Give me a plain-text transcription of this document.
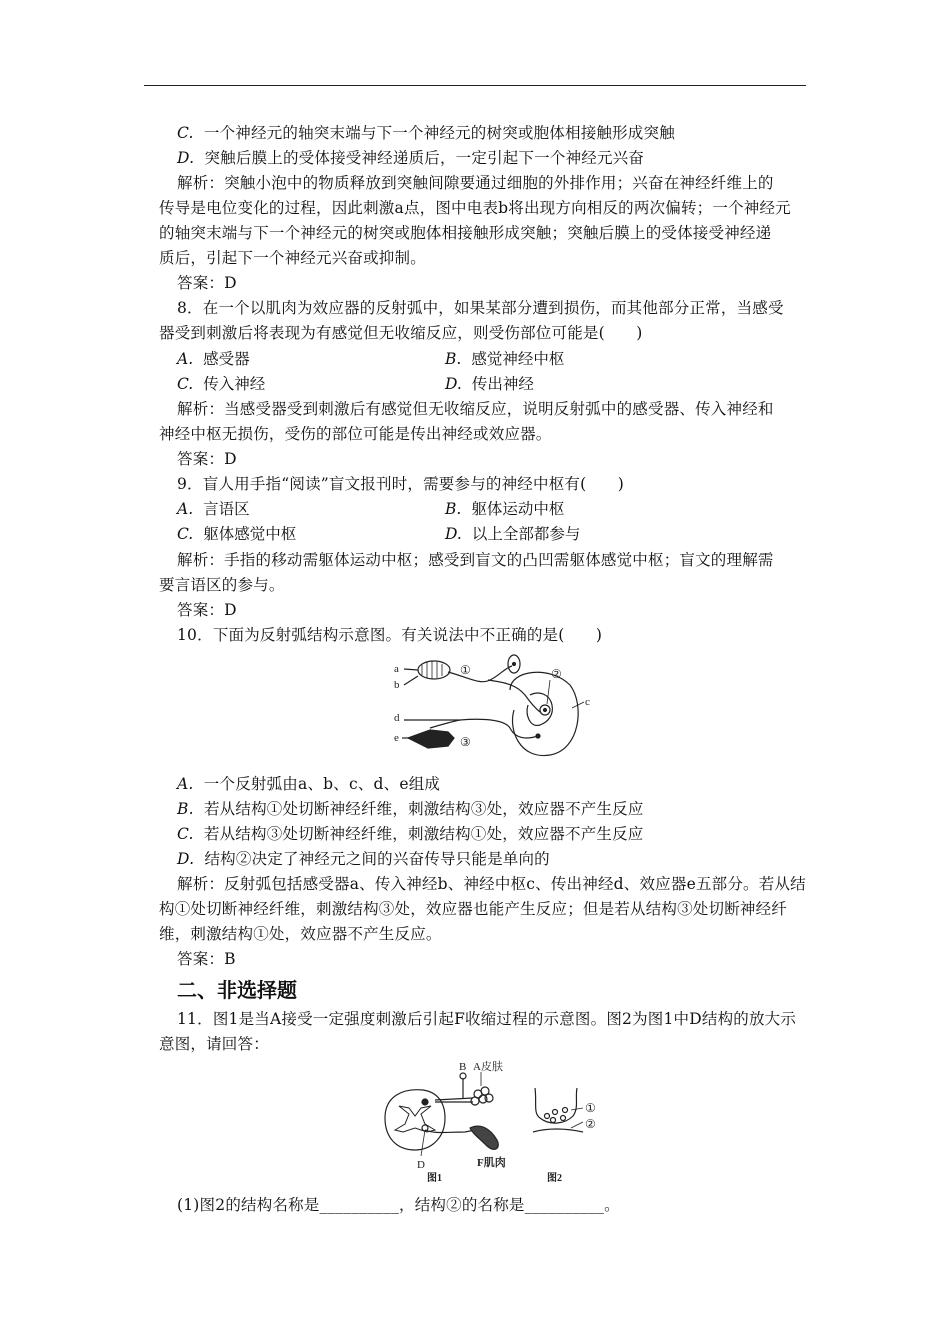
C. 一个神经元的轴突末端与下一个神经元的树突或胞体相接触形成突触
D. 突触后膜上的受体接受神经递质后，一定引起下一个神经元兴奋
解析：突触小泡中的物质释放到突触间隙要通过细胞的外排作用；兴奋在神经纤维上的
传导是电位变化的过程，因此刺激a点，图中电表b将出现方向相反的两次偏转；一个神经元
的轴突末端与下一个神经元的树突或胞体相接触形成突触；突触后膜上的受体接受神经递
质后，引起下一个神经元兴奋或抑制。
答案：D
8．在一个以肌肉为效应器的反射弧中，如果某部分遭到损伤，而其他部分正常，当感受
器受到刺激后将表现为有感觉但无收缩反应，则受伤部位可能是(　　)
A. 感受器	B. 感觉神经中枢
C. 传入神经	D. 传出神经
解析：当感受器受到刺激后有感觉但无收缩反应，说明反射弧中的感受器、传入神经和
神经中枢无损伤，受伤的部位可能是传出神经或效应器。
答案：D
9．盲人用手指“阅读”盲文报刊时，需要参与的神经中枢有(　　)
A. 言语区	B. 躯体运动中枢
C. 躯体感觉中枢	D. 以上全部都参与
解析：手指的移动需躯体运动中枢；感受到盲文的凸凹需躯体感觉中枢；盲文的理解需
要言语区的参与。
答案：D
10．下面为反射弧结构示意图。有关说法中不正确的是(　　)
a
b
d
e
②
c
①
③
A. 一个反射弧由a、b、c、d、e组成
B. 若从结构①处切断神经纤维，刺激结构③处，效应器不产生反应
C. 若从结构③处切断神经纤维，刺激结构①处，效应器不产生反应
D. 结构②决定了神经元之间的兴奋传导只能是单向的
解析：反射弧包括感受器a、传入神经b、神经中枢c、传出神经d、效应器e五部分。若从结
构①处切断神经纤维，刺激结构③处，效应器也能产生反应；但是若从结构③处切断神经纤
维，刺激结构①处，效应器不产生反应。
答案：B
二、非选择题
11．图1是当A接受一定强度刺激后引起F收缩过程的示意图。图2为图1中D结构的放大示
意图，请回答：
B A皮肤
D	F肌肉
图1
①
②
图2
(1)图2的结构名称是__________，结构②的名称是__________。
